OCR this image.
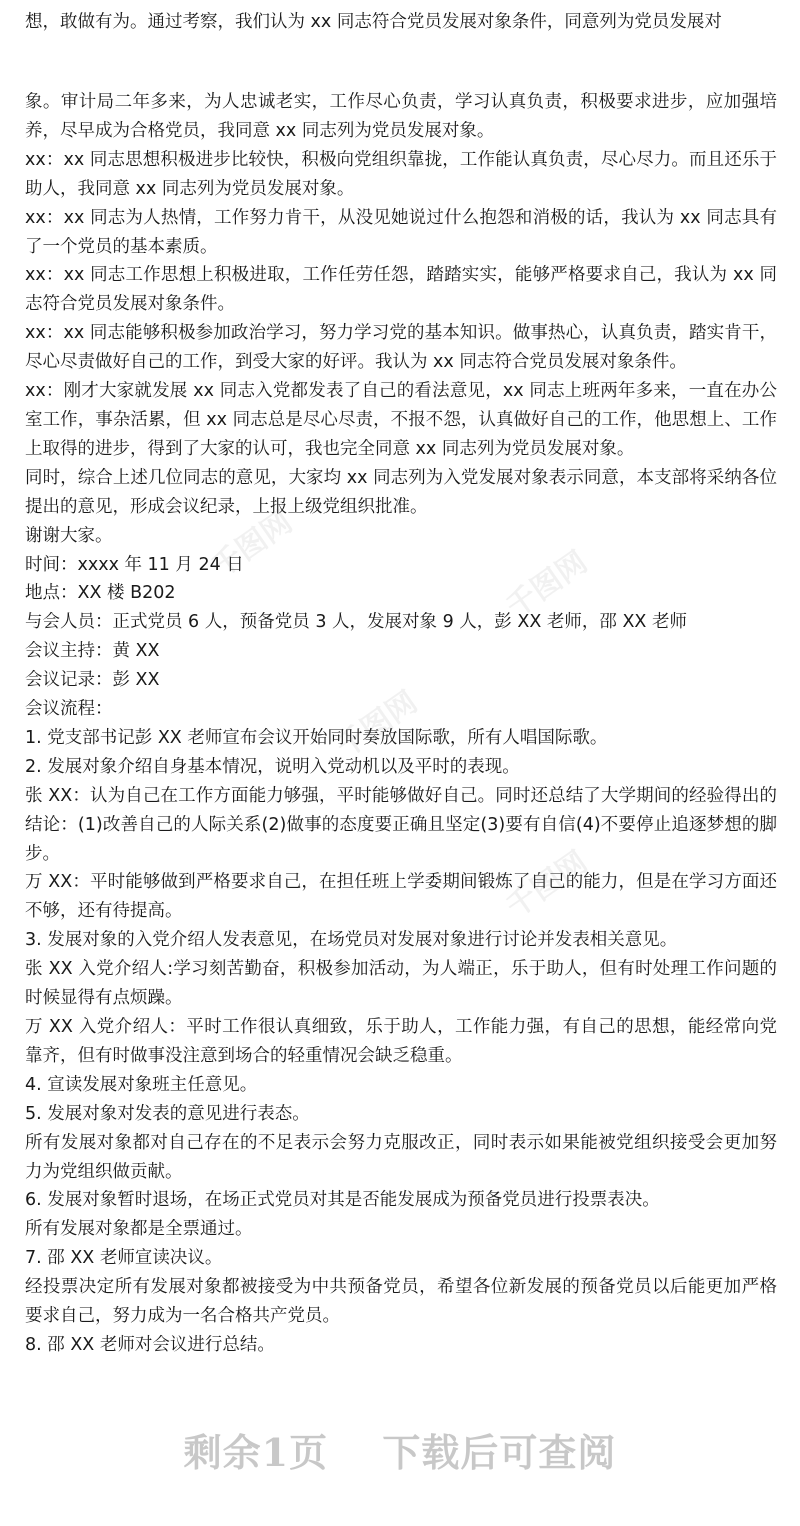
想，敢做有为。通过考察，我们认为 xx 同志符合党员发展对象条件，同意列为党员发展对

象。审计局二年多来，为人忠诚老实，工作尽心负责，学习认真负责，积极要求进步，应加强培养，尽早成为合格党员，我同意 xx 同志列为党员发展对象。

xx：xx 同志思想积极进步比较快，积极向党组织靠拢，工作能认真负责，尽心尽力。而且还乐于助人，我同意 xx 同志列为党员发展对象。

xx：xx 同志为人热情，工作努力肯干，从没见她说过什么抱怨和消极的话，我认为 xx 同志具有了一个党员的基本素质。

xx：xx 同志工作思想上积极进取，工作任劳任怨，踏踏实实，能够严格要求自己，我认为 xx 同志符合党员发展对象条件。

xx：xx 同志能够积极参加政治学习，努力学习党的基本知识。做事热心，认真负责，踏实肯干，尽心尽责做好自己的工作，到受大家的好评。我认为 xx 同志符合党员发展对象条件。

xx：刚才大家就发展 xx 同志入党都发表了自己的看法意见，xx 同志上班两年多来，一直在办公室工作，事杂活累，但 xx 同志总是尽心尽责，不报不怨，认真做好自己的工作，他思想上、工作上取得的进步，得到了大家的认可，我也完全同意 xx 同志列为党员发展对象。

同时，综合上述几位同志的意见，大家均 xx 同志列为入党发展对象表示同意，本支部将采纳各位提出的意见，形成会议纪录，上报上级党组织批准。

谢谢大家。

时间：xxxx 年 11 月 24 日

地点：XX 楼 B202

与会人员：正式党员 6 人，预备党员 3 人，发展对象 9 人，彭 XX 老师，邵 XX 老师

会议主持：黄 XX

会议记录：彭 XX

会议流程：

1. 党支部书记彭 XX 老师宣布会议开始同时奏放国际歌，所有人唱国际歌。

2. 发展对象介绍自身基本情况，说明入党动机以及平时的表现。

张 XX：认为自己在工作方面能力够强，平时能够做好自己。同时还总结了大学期间的经验得出的结论：(1)改善自己的人际关系(2)做事的态度要正确且坚定(3)要有自信(4)不要停止追逐梦想的脚步。

万 XX：平时能够做到严格要求自己，在担任班上学委期间锻炼了自己的能力，但是在学习方面还不够，还有待提高。

3. 发展对象的入党介绍人发表意见，在场党员对发展对象进行讨论并发表相关意见。

张 XX 入党介绍人:学习刻苦勤奋，积极参加活动，为人端正，乐于助人，但有时处理工作问题的时候显得有点烦躁。

万 XX 入党介绍人：平时工作很认真细致，乐于助人，工作能力强，有自己的思想，能经常向党靠齐，但有时做事没注意到场合的轻重情况会缺乏稳重。

4. 宣读发展对象班主任意见。

5. 发展对象对发表的意见进行表态。

所有发展对象都对自己存在的不足表示会努力克服改正，同时表示如果能被党组织接受会更加努力为党组织做贡献。

6. 发展对象暂时退场，在场正式党员对其是否能发展成为预备党员进行投票表决。

所有发展对象都是全票通过。

7. 邵 XX 老师宣读决议。

经投票决定所有发展对象都被接受为中共预备党员，希望各位新发展的预备党员以后能更加严格要求自己，努力成为一名合格共产党员。

8. 邵 XX 老师对会议进行总结。

千图网	千图网
千图网
千图网
剩余1页 下载后可查阅
